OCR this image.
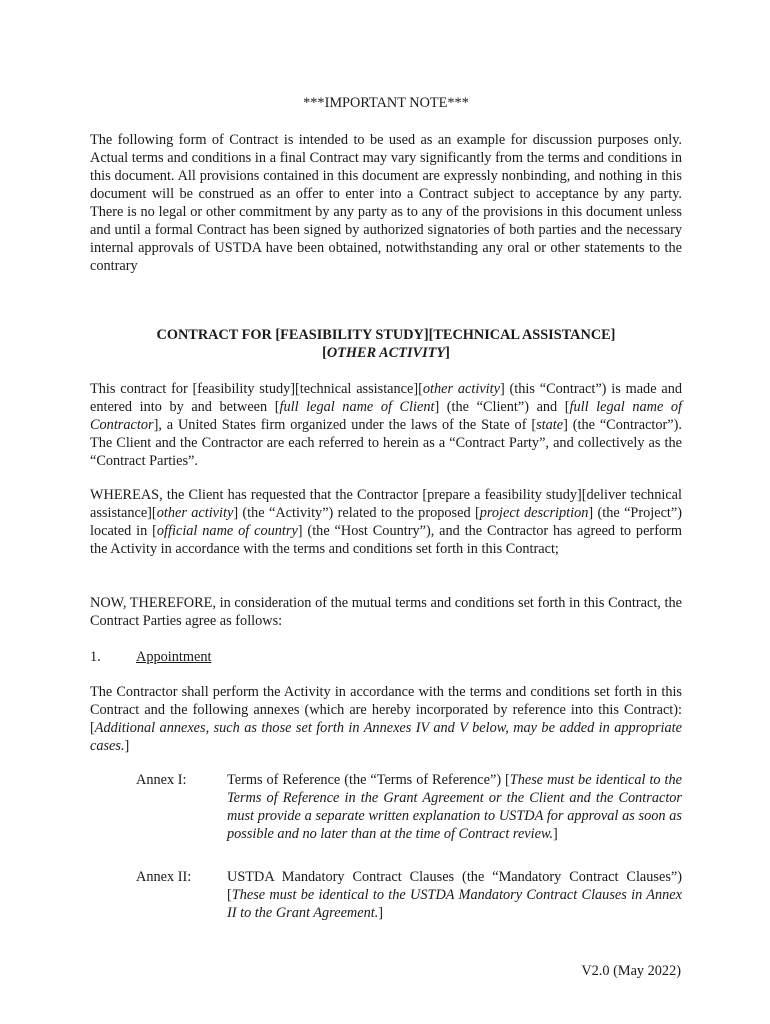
***IMPORTANT NOTE***

The following form of Contract is intended to be used as an example for discussion purposes only. Actual terms and conditions in a final Contract may vary significantly from the terms and conditions in this document. All provisions contained in this document are expressly nonbinding, and nothing in this document will be construed as an offer to enter into a Contract subject to acceptance by any party. There is no legal or other commitment by any party as to any of the provisions in this document unless and until a formal Contract has been signed by authorized signatories of both parties and the necessary internal approvals of USTDA have been obtained, notwithstanding any oral or other statements to the contrary

CONTRACT FOR [FEASIBILITY STUDY][TECHNICAL ASSISTANCE][OTHER ACTIVITY]

This contract for [feasibility study][technical assistance][other activity] (this “Contract”) is made and entered into by and between [full legal name of Client] (the “Client”) and [full legal name of Contractor], a United States firm organized under the laws of the State of [state] (the “Contractor”). The Client and the Contractor are each referred to herein as a “Contract Party”, and collectively as the “Contract Parties”.

WHEREAS, the Client has requested that the Contractor [prepare a feasibility study][deliver technical assistance][other activity] (the “Activity”) related to the proposed [project description] (the “Project”) located in [official name of country] (the “Host Country”), and the Contractor has agreed to perform the Activity in accordance with the terms and conditions set forth in this Contract;

NOW, THEREFORE, in consideration of the mutual terms and conditions set forth in this Contract, the Contract Parties agree as follows:

1. Appointment

The Contractor shall perform the Activity in accordance with the terms and conditions set forth in this Contract and the following annexes (which are hereby incorporated by reference into this Contract): [Additional annexes, such as those set forth in Annexes IV and V below, may be added in appropriate cases.]

Annex I:	Terms of Reference (the “Terms of Reference”) [These must be identical to the Terms of Reference in the Grant Agreement or the Client and the Contractor must provide a separate written explanation to USTDA for approval as soon as possible and no later than at the time of Contract review.]

Annex II:	USTDA Mandatory Contract Clauses (the “Mandatory Contract Clauses”) [These must be identical to the USTDA Mandatory Contract Clauses in Annex II to the Grant Agreement.]

V2.0 (May 2022)
